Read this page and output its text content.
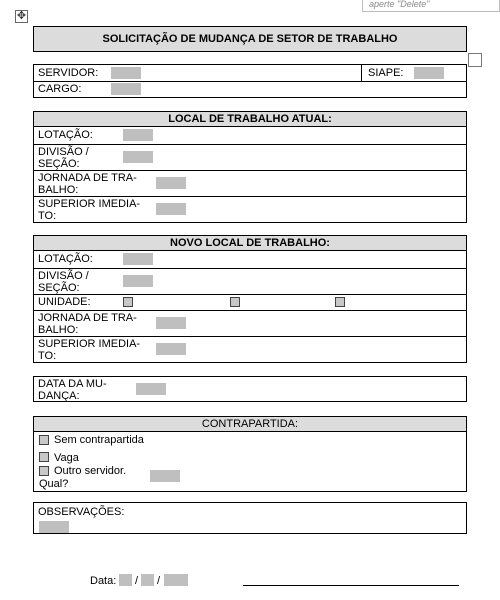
aperte "Delete"
✥
SOLICITAÇÃO DE MUDANÇA DE SETOR DE TRABALHO
SERVIDOR:	SIAPE:
CARGO:
LOCAL DE TRABALHO ATUAL:
LOTAÇÃO:
DIVISÃO /
SEÇÃO:
JORNADA DE TRA-
BALHO:
SUPERIOR IMEDIA-
TO:
NOVO LOCAL DE TRABALHO:
LOTAÇÃO:
DIVISÃO /
SEÇÃO:
UNIDADE:
JORNADA DE TRA-
BALHO:
SUPERIOR IMEDIA-
TO:
DATA DA MU-
DANÇA:
CONTRAPARTIDA:
Sem contrapartida
Vaga
Outro servidor.
Qual?
OBSERVAÇÕES:
Data: / /
